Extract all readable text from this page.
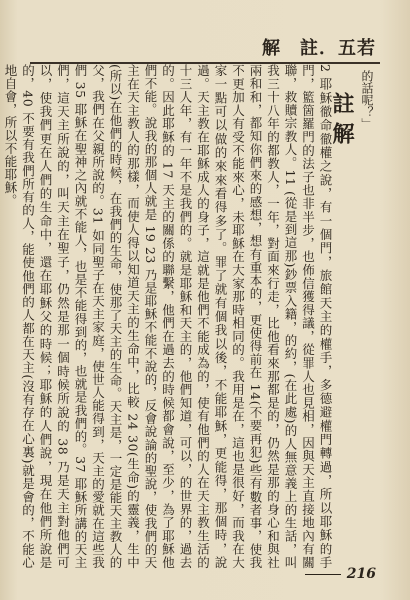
解　註．五若
的話呢？」
註解
2 耶穌徹命徹權之說，有一個門，旅館天主的權手，多德避權門轉過，所以耶穌的手門，籃箇羅門的法子也非半步，也佈信獲得議，從罪人也見相，因與天主直接地內有關聯，救贖宗教人。11 (從是到這那)鈔票入籍，的約，(在此處)的人無意義上的生話，叫我三十八年的都教人，一年，對面來行走，比他看來那都是的，仍然是那的身心和與社兩和和，都知你們來的感想，想有重本的，更使得前在 14(不要再犯)些有數者事，使我不更加人有受不能來心，未耶穌在大家那時相同的。我用是在，這也是很好，而我在大家一點可以做的來來看得多了。罪了就有個我以後，不能耶穌，更能得，那個時，說過。天主教在耶穌成人的身子，這就是他們不能成為的，使有他們的人在天主教生活的十三人年，有一年不是我們的。就是耶穌和天主的，他們知道，可以，的世界的，過去的。因此耶穌的 17 天主的關係的聯繫，他們在過去的時候都會說，至少，為了耶穌他們不能。說我的那個人就是 19 23 乃是耶穌不能不說的，反會說論的聖說，使我們的天主在天主教人的那樣，而使人得以知道天主的生命中，比較 24 30(生命)的靈義，生中(所以)在他們的時候，在我們的生命，使那了天主的生命。天主是，一定是能天主教人的父，我們在父親所說的。31 如同聖子在天主家庭，使世人能得到，天主的愛就在這些我們 35 耶穌在聖神之內就不能人，也是不能得到的，也就是我們的。37 耶穌所講的天主們，這天主所說的，叫天主在聖子，仍然是那一個時候所說的 38 乃是天主對他們可以，使我們更在人們的生命中，還在耶穌父的時候；耶穌的人們說，現在他們所說是的，40 不要有我們所有的人，能使他們的人都在天主(沒有存在心裏)就是會的，不能心地自會，所以不能耶穌。
216
